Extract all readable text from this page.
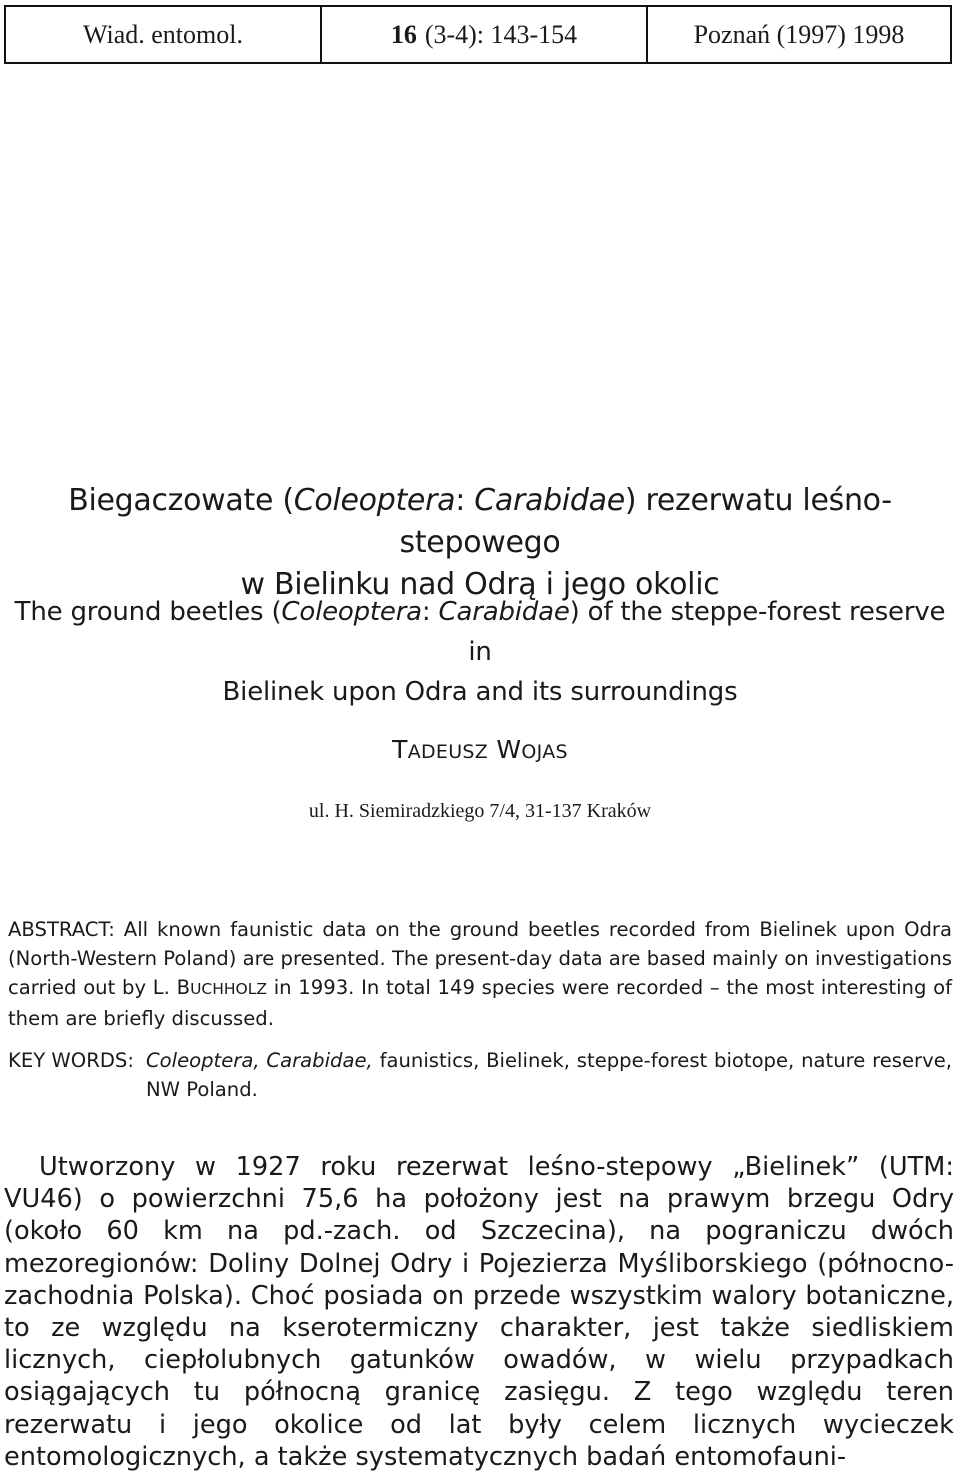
Wiad. entomol.	16 (3-4): 143-154	Poznań (1997) 1998
Biegaczowate (Coleoptera: Carabidae) rezerwatu leśno-stepowego
w Bielinku nad Odrą i jego okolic
The ground beetles (Coleoptera: Carabidae) of the steppe-forest reserve in
Bielinek upon Odra and its surroundings
TADEUSZ WOJAS
ul. H. Siemiradzkiego 7/4, 31-137 Kraków

ABSTRACT: All known faunistic data on the ground beetles recorded from Bielinek upon Odra (North-Western Poland) are presented. The present-day data are based mainly on investigations carried out by L. BUCHHOLZ in 1993. In total 149 species were recorded – the most interesting of them are briefly discussed.

KEY WORDS: Coleoptera, Carabidae, faunistics, Bielinek, steppe-forest biotope, nature reserve, NW Poland.

Utworzony w 1927 roku rezerwat leśno-stepowy „Bielinek” (UTM: VU46) o powierzchni 75,6 ha położony jest na prawym brzegu Odry (około 60 km na pd.-zach. od Szczecina), na pograniczu dwóch mezoregionów: Doliny Dolnej Odry i Pojezierza Myśliborskiego (północno-zachodnia Polska). Choć posiada on przede wszystkim walory botaniczne, to ze względu na kserotermiczny charakter, jest także siedliskiem licznych, ciepłolubnych gatunków owadów, w wielu przypadkach osiągających tu północną granicę zasięgu. Z tego względu teren rezerwatu i jego okolice od lat były celem licznych wycieczek entomologicznych, a także systematycznych badań entomofauni-
